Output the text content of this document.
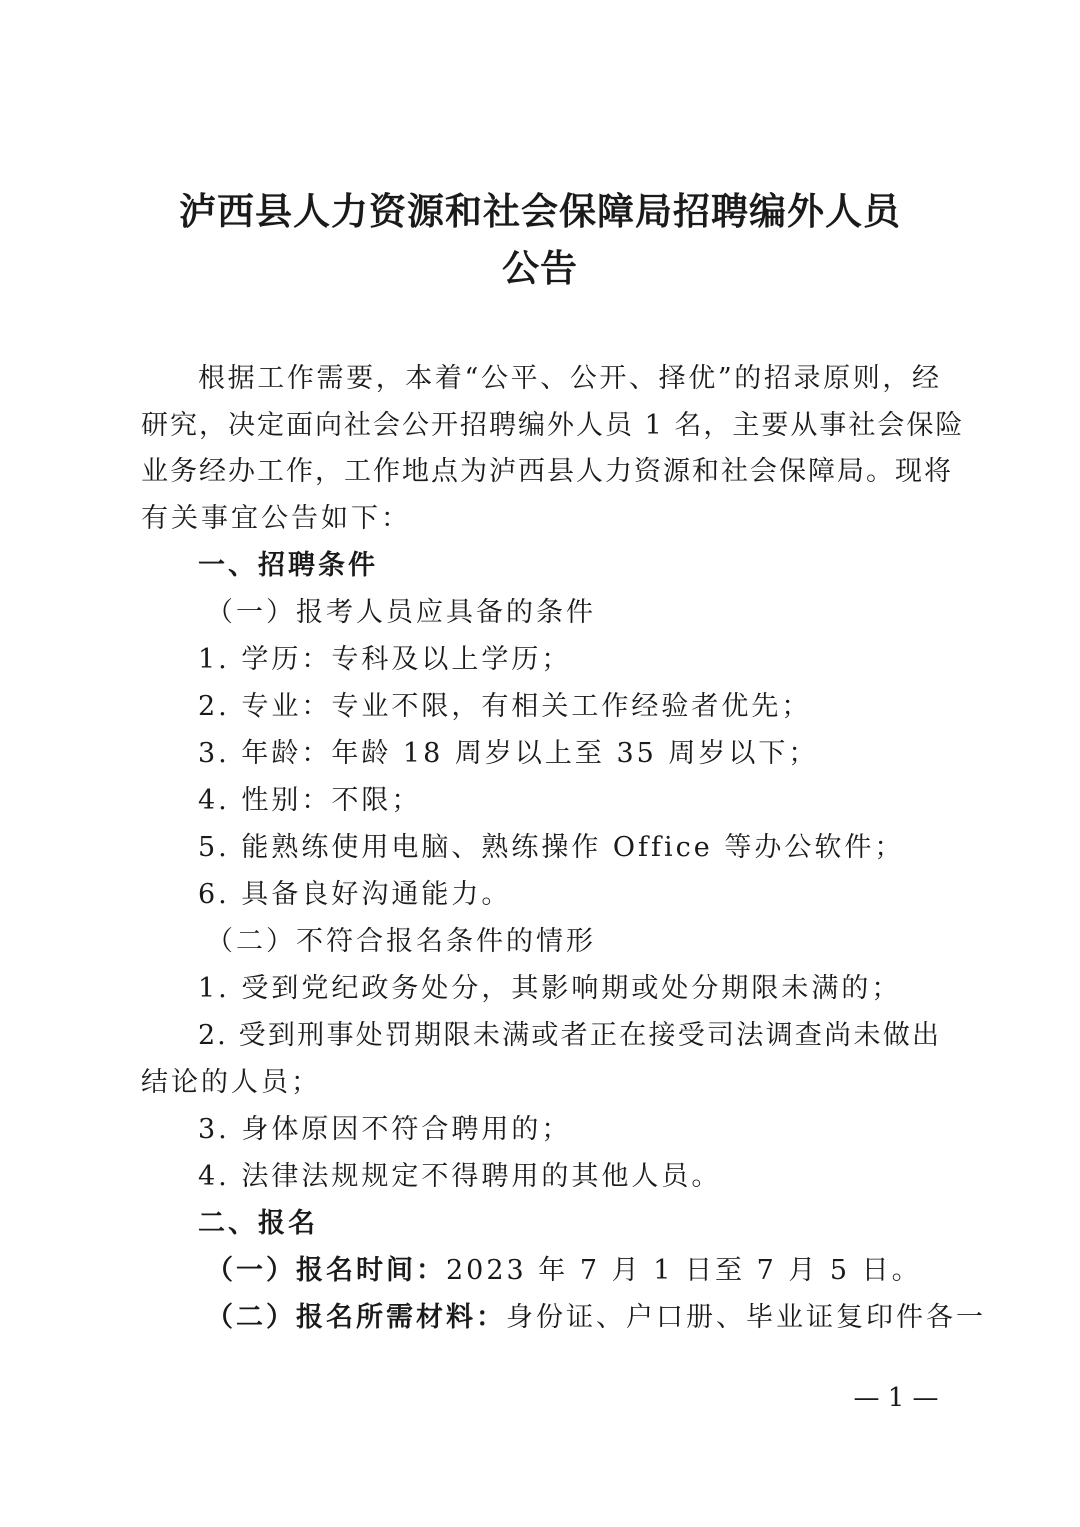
泸西县人力资源和社会保障局招聘编外人员
公告
根据工作需要，本着“公平、公开、择优”的招录原则，经
研究，决定面向社会公开招聘编外人员 1 名，主要从事社会保险
业务经办工作，工作地点为泸西县人力资源和社会保障局。现将
有关事宜公告如下：
一、招聘条件
（一）报考人员应具备的条件
1. 学历：专科及以上学历；
2. 专业：专业不限，有相关工作经验者优先；
3. 年龄：年龄 18 周岁以上至 35 周岁以下；
4. 性别：不限；
5. 能熟练使用电脑、熟练操作 Office 等办公软件；
6. 具备良好沟通能力。
（二）不符合报名条件的情形
1. 受到党纪政务处分，其影响期或处分期限未满的；
2. 受到刑事处罚期限未满或者正在接受司法调查尚未做出
结论的人员；
3. 身体原因不符合聘用的；
4. 法律法规规定不得聘用的其他人员。
二、报名
（一）报名时间：2023 年 7 月 1 日至 7 月 5 日。
（二）报名所需材料：身份证、户口册、毕业证复印件各一
— 1 —
